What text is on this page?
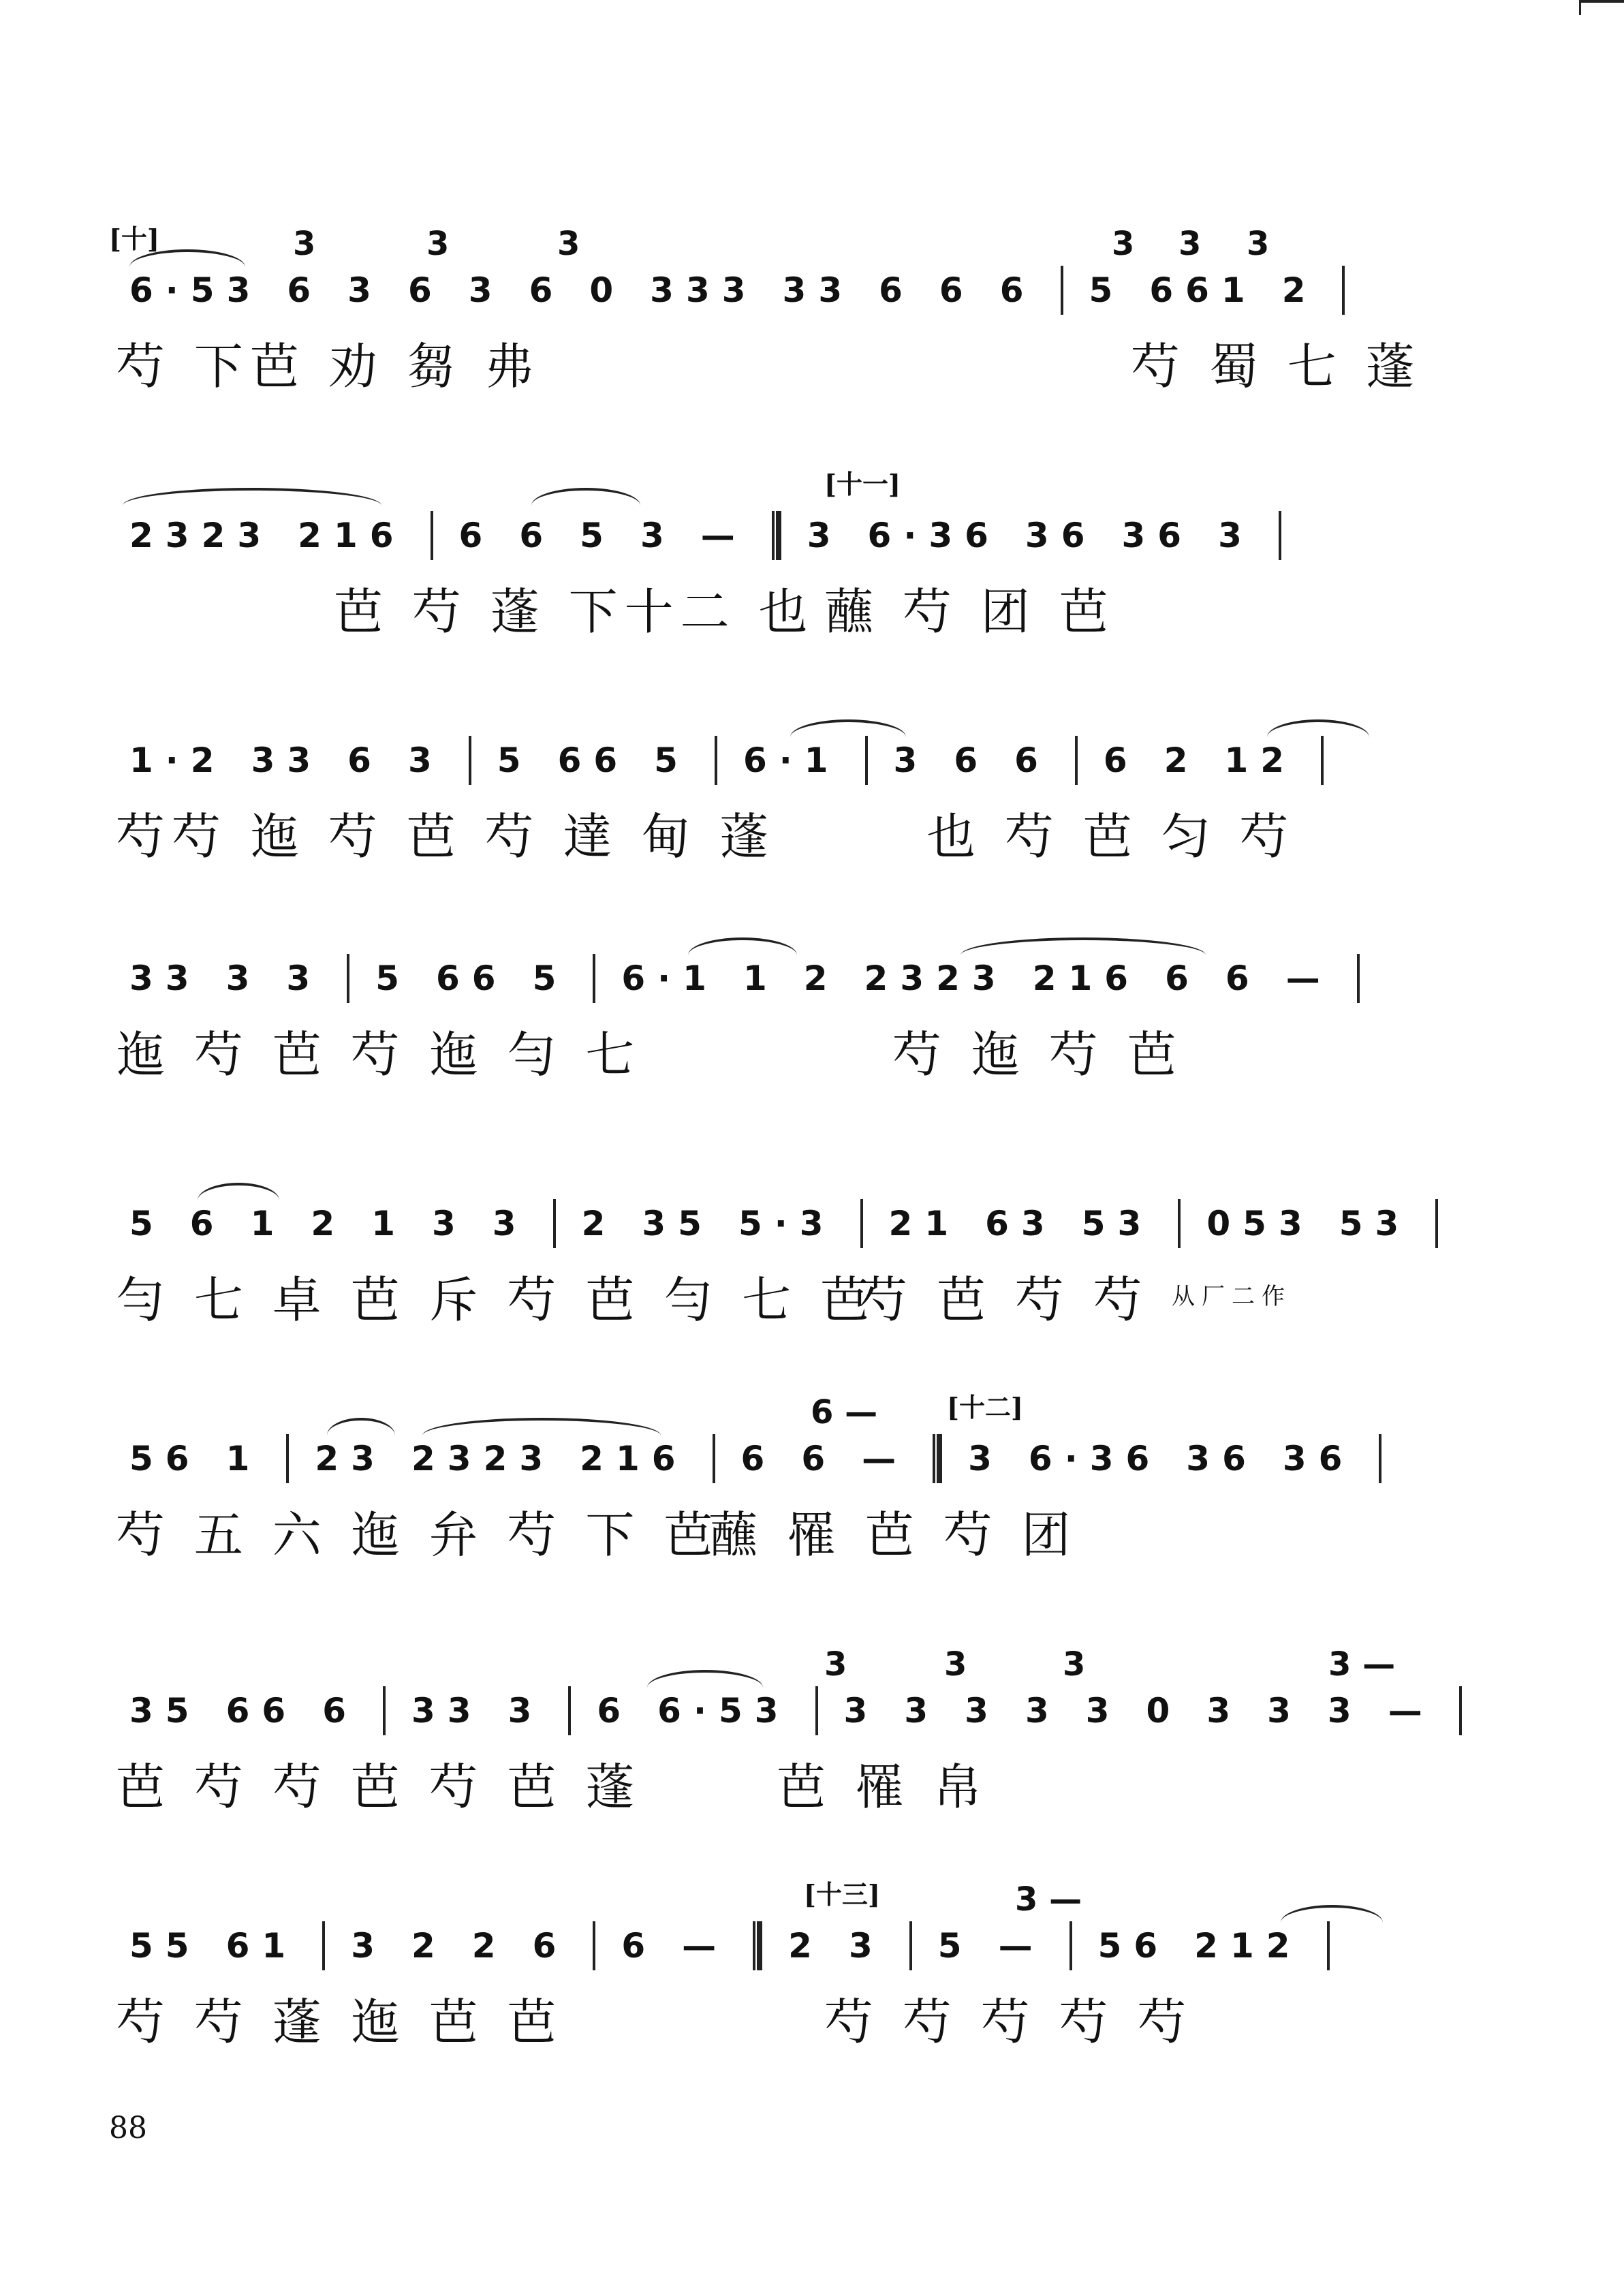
[十]	3	3	3	3 3 3
6·53 6 3 6 3 6 0 333 33 6 6 6 5 661 2
芍 下芭 劝 芻 弗	芍 蜀 七 蓬
[十一]
2323 216 6 6 5 3 — 3 6·36 36 36 3
芭 芍 蓬 下十二 也 蘸 芍 团 芭
1·2 33 6 3 5 66 5 6·1 3 6 6 6 2 12
芍芍 迤 芍 芭 芍 達 甸 蓬	也 芍 芭 匀 芍
33 3 3 5 66 5 6·1 1 2 2323 216 6 6 —
迤 芍 芭 芍 迤 勻 七	芍 迤 芍 芭
5 6 1 2 1 3 3 2 35 5·3 21 63 53 053 53
勻 七 卓 芭 斥 芍 芭 勻 七 芭
芍 芭 芍 芍 从厂二作
[十二]
6 —
56 1 23 2323 216 6 6 — 3 6·36 36 36
芍 五 六 迤 弁 芍 下 芭
蘸 罹 芭 芍 团
3	3	3	3 —
35 66 6 33 3 6 6·53 3 3 3 3 3 0 3 3 3 —
芭 芍 芍 芭 芍 芭 蓬	芭 罹 帛
[十三]	3 —
55 61 3 2 2 6 6 — 2 3 5 — 56 212
芍 芍 蓬 迤 芭 芭	芍 芍 芍 芍 芍
88
